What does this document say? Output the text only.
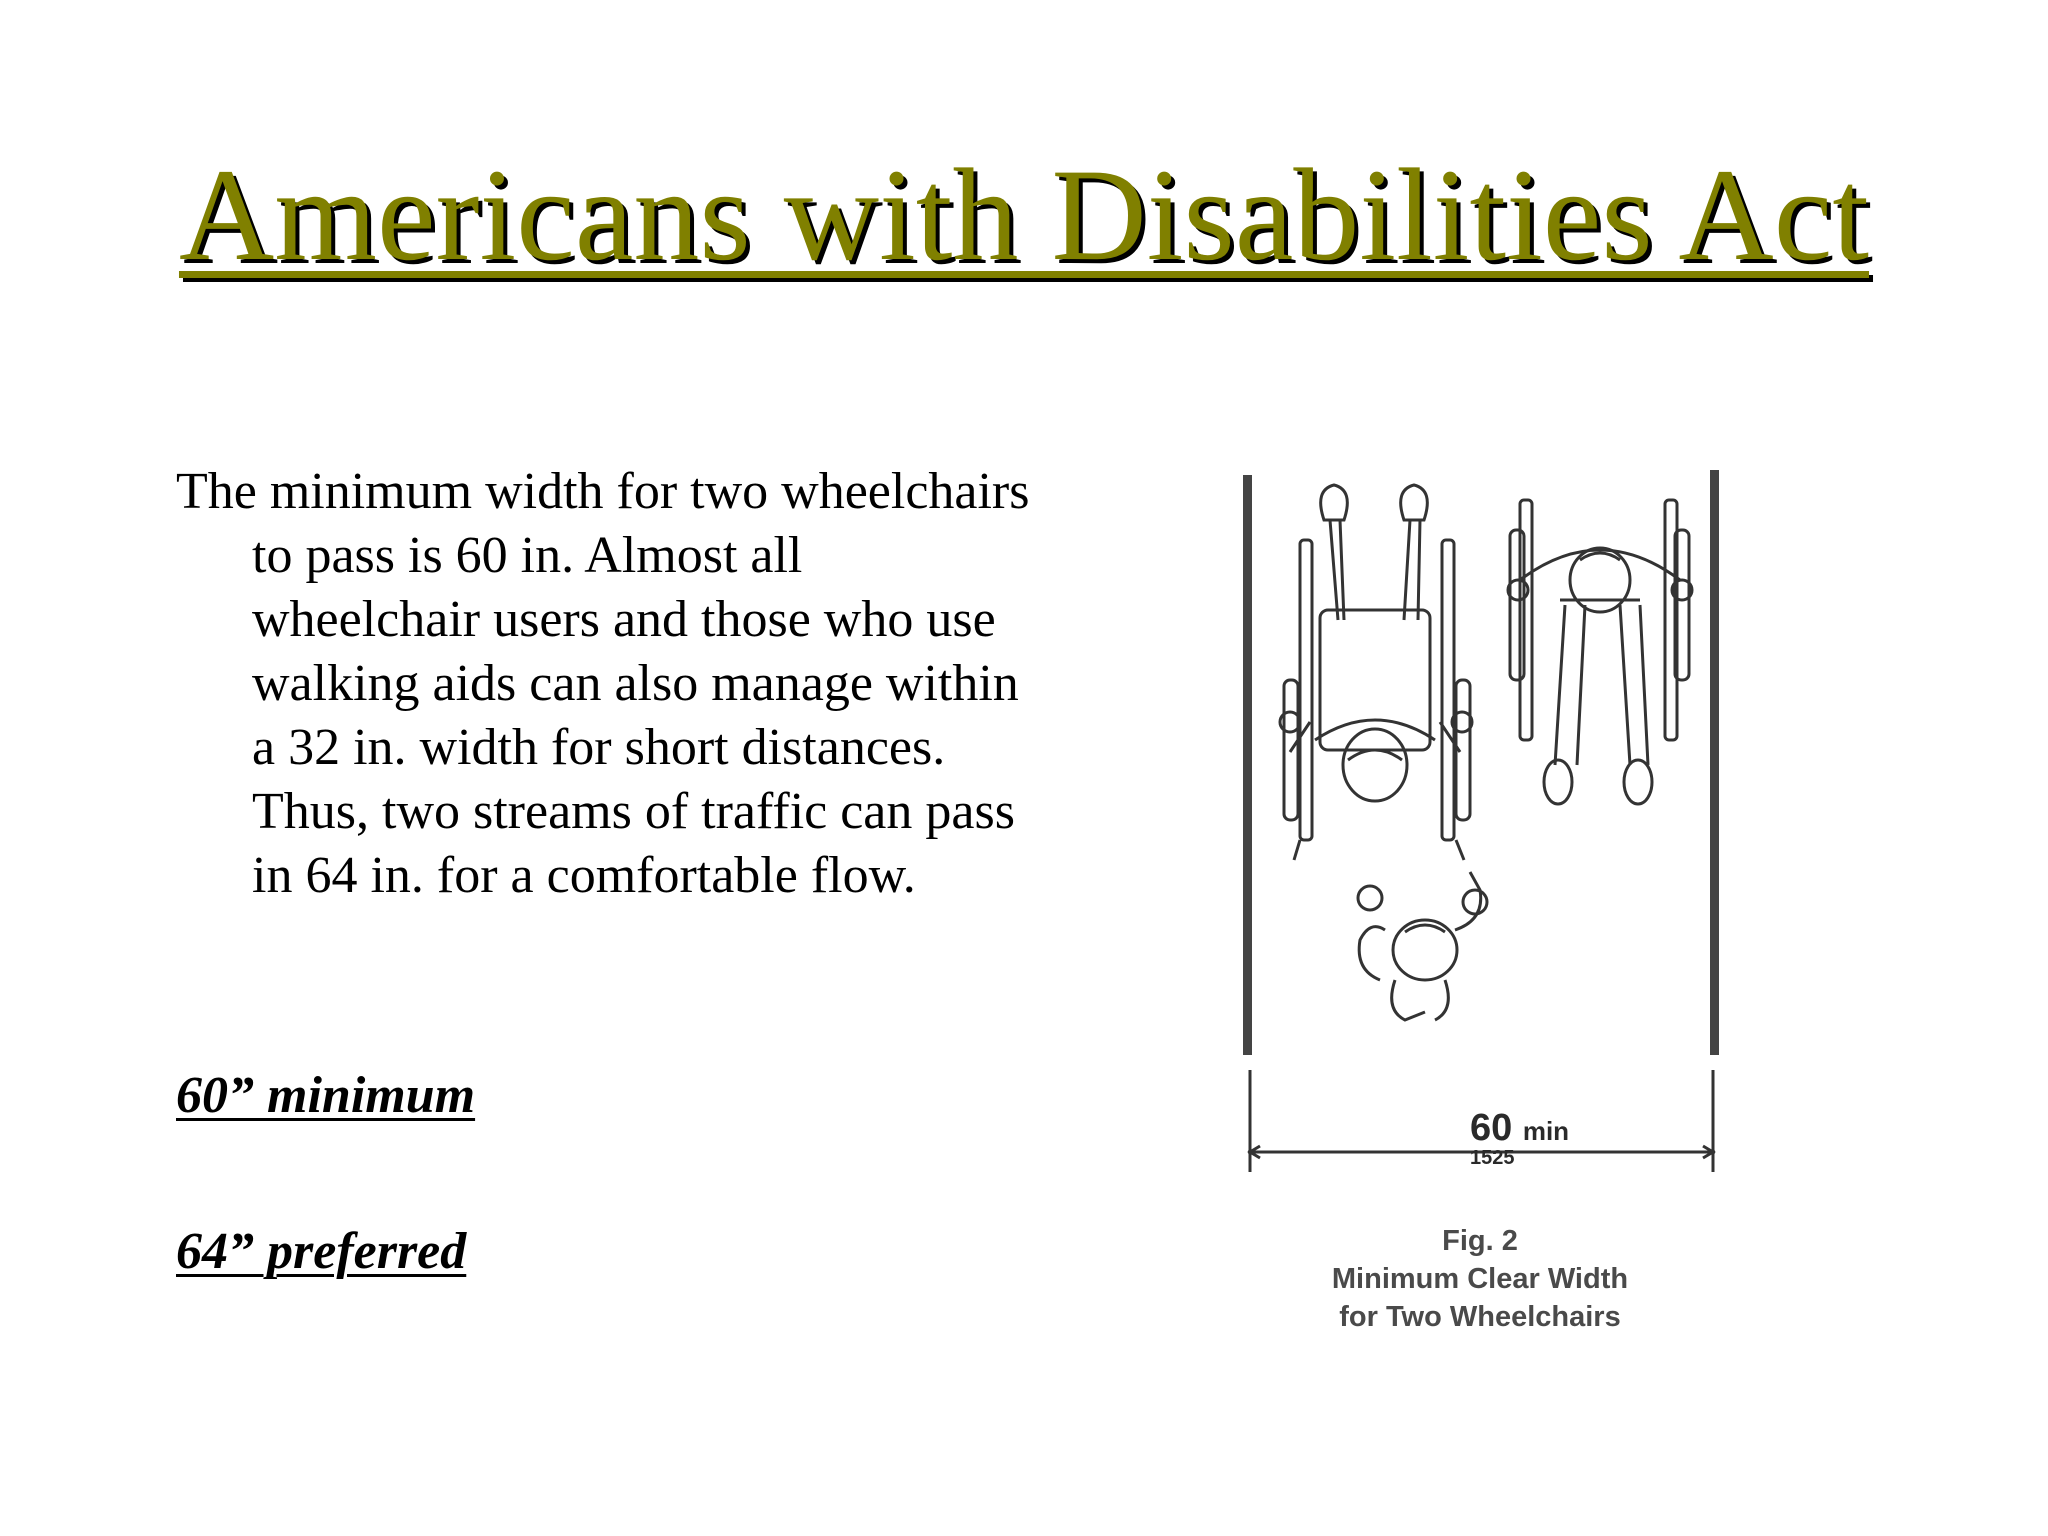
Americans with Disabilities Act

The minimum width for two wheelchairs to pass is 60 in. Almost all wheelchair users and those who use walking aids can also manage within a 32 in. width for short distances. Thus, two streams of traffic can pass in 64 in. for a comfortable flow.

60” minimum

64” preferred

60 min
1525
Fig. 2
Minimum Clear Width
for Two Wheelchairs
